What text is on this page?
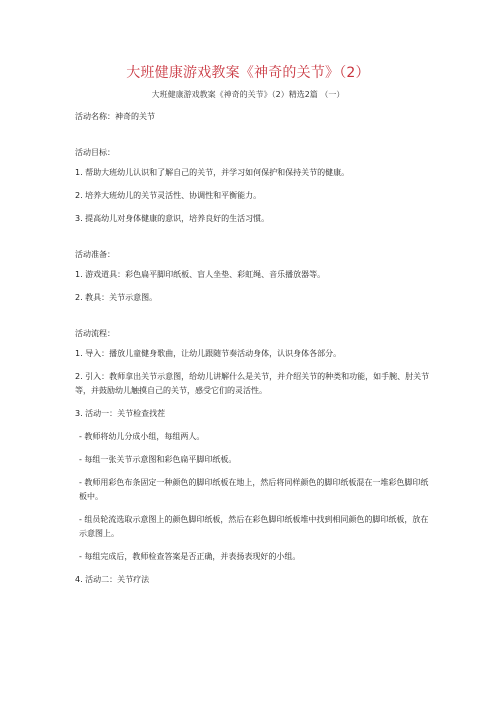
大班健康游戏教案《神奇的关节》（2）
大班健康游戏教案《神奇的关节》（2）精选2篇 （一）

活动名称：神奇的关节

活动目标：

1. 帮助大班幼儿认识和了解自己的关节，并学习如何保护和保持关节的健康。

2. 培养大班幼儿的关节灵活性、协调性和平衡能力。

3. 提高幼儿对身体健康的意识，培养良好的生活习惯。

活动准备：

1. 游戏道具：彩色扁平脚印纸板、盲人坐垫、彩虹绳、音乐播放器等。

2. 教具：关节示意图。

活动流程：

1. 导入：播放儿童健身歌曲，让幼儿跟随节奏活动身体，认识身体各部分。

2. 引入：教师拿出关节示意图，给幼儿讲解什么是关节，并介绍关节的种类和功能，如手腕、肘关节等，并鼓励幼儿触摸自己的关节，感受它们的灵活性。

3. 活动一：关节检查找茬

- 教师将幼儿分成小组，每组两人。

- 每组一张关节示意图和彩色扁平脚印纸板。

- 教师用彩色布条固定一种颜色的脚印纸板在地上，然后将同样颜色的脚印纸板混在一堆彩色脚印纸板中。

- 组员轮流选取示意图上的颜色脚印纸板，然后在彩色脚印纸板堆中找到相同颜色的脚印纸板，放在示意图上。

- 每组完成后，教师检查答案是否正确，并表扬表现好的小组。

4. 活动二：关节疗法
